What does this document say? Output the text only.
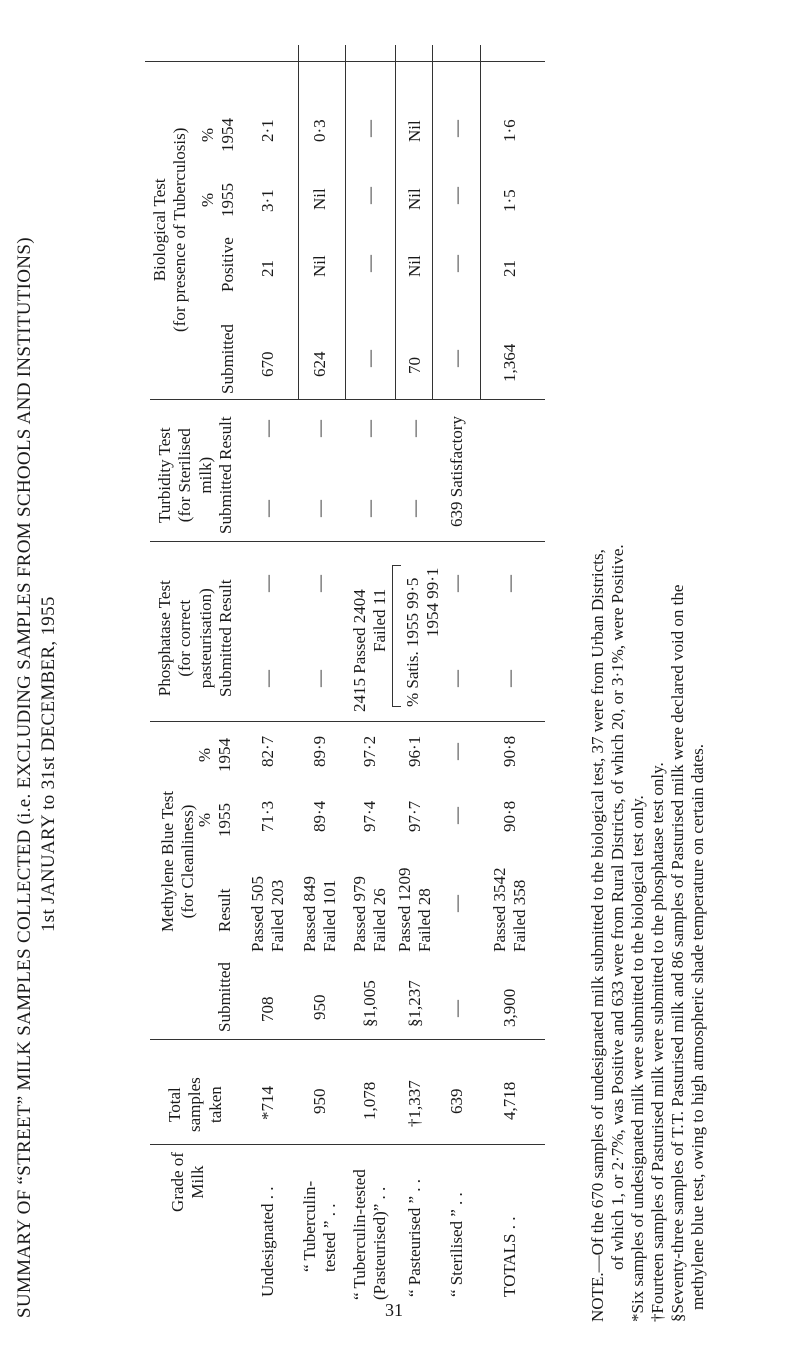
SUMMARY OF “STREET” MILK SAMPLES COLLECTED (i.e. EXCLUDING SAMPLES FROM SCHOOLS AND INSTITUTIONS) 1st JANUARY to 31st DECEMBER, 1955
Grade of Milk
Total samples taken
Methylene Blue Test (for Cleanliness)
Submitted
Result
% 1955
% 1954
Phosphatase Test (for correct pasteurisation) Submitted Result
Turbidity Test (for Sterilised milk) Submitted Result
Biological Test (for presence of Tuberculosis)
Submitted
Positive
% 1955
% 1954
Undesignated . .
*714
708
Passed 505 Failed 203
71·3
82·7
—
—
—
—
670
21
3·1
2·1
“ Tuberculin- tested ” . .
950
950
Passed 849 Failed 101
89·4
89·9
—
—
—
—
624
Nil
Nil
0·3
“ Tuberculin-tested (Pasteurised)” . .
1,078
§1,005
Passed 979 Failed 26
97·4
97·2
2415 Passed 2404 Failed 11
—
—
—
—
—
—
“ Pasteurised ” . .
†1,337
§1,237
Passed 1209 Failed 28
97·7
96·1
% Satis. 1955 99·5 1954 99·1
—
—
70
Nil
Nil
Nil
“ Sterilised ” . .
639
—
—
—
—
—
—
639 Satisfactory
—
—
—
—
TOTALS . .
4,718
3,900
Passed 3542 Failed 358
90·8
90·8
—
—
1,364
21
1·5
1·6
NOTE.—Of the 670 samples of undesignated milk submitted to the biological test, 37 were from Urban Districts, of which 1, or 2·7%, was Positive and 633 were from Rural Districts, of which 20, or 3·1%, were Positive. *Six samples of undesignated milk were submitted to the biological test only. †Fourteen samples of Pasturised milk were submitted to the phosphatase test only. §Seventy-three samples of T.T. Pasturised milk and 86 samples of Pasturised milk were declared void on the methylene blue test, owing to high atmospheric shade temperature on certain dates.
31
